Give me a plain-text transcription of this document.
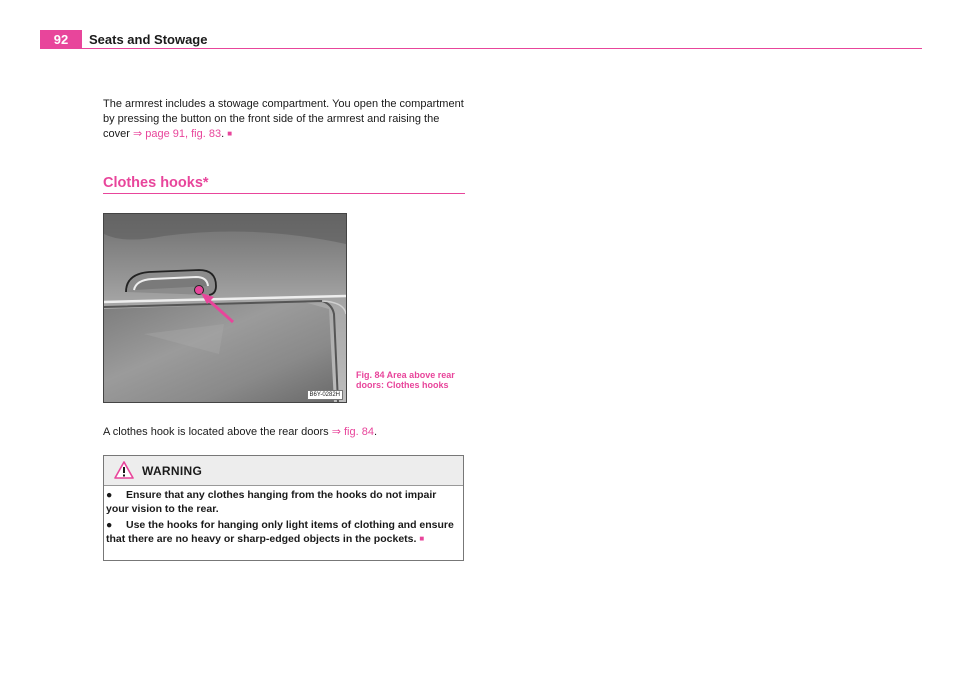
92	Seats and Stowage
The armrest includes a stowage compartment. You open the compartment by pressing the button on the front side of the armrest and raising the cover ⇒ page 91, fig. 83. ■
Clothes hooks*
B6Y-0282H
Fig. 84 Area above rear doors: Clothes hooks
A clothes hook is located above the rear doors ⇒ fig. 84.
WARNING
● Ensure that any clothes hanging from the hooks do not impair your vision to the rear.
● Use the hooks for hanging only light items of clothing and ensure that there are no heavy or sharp-edged objects in the pockets. ■
